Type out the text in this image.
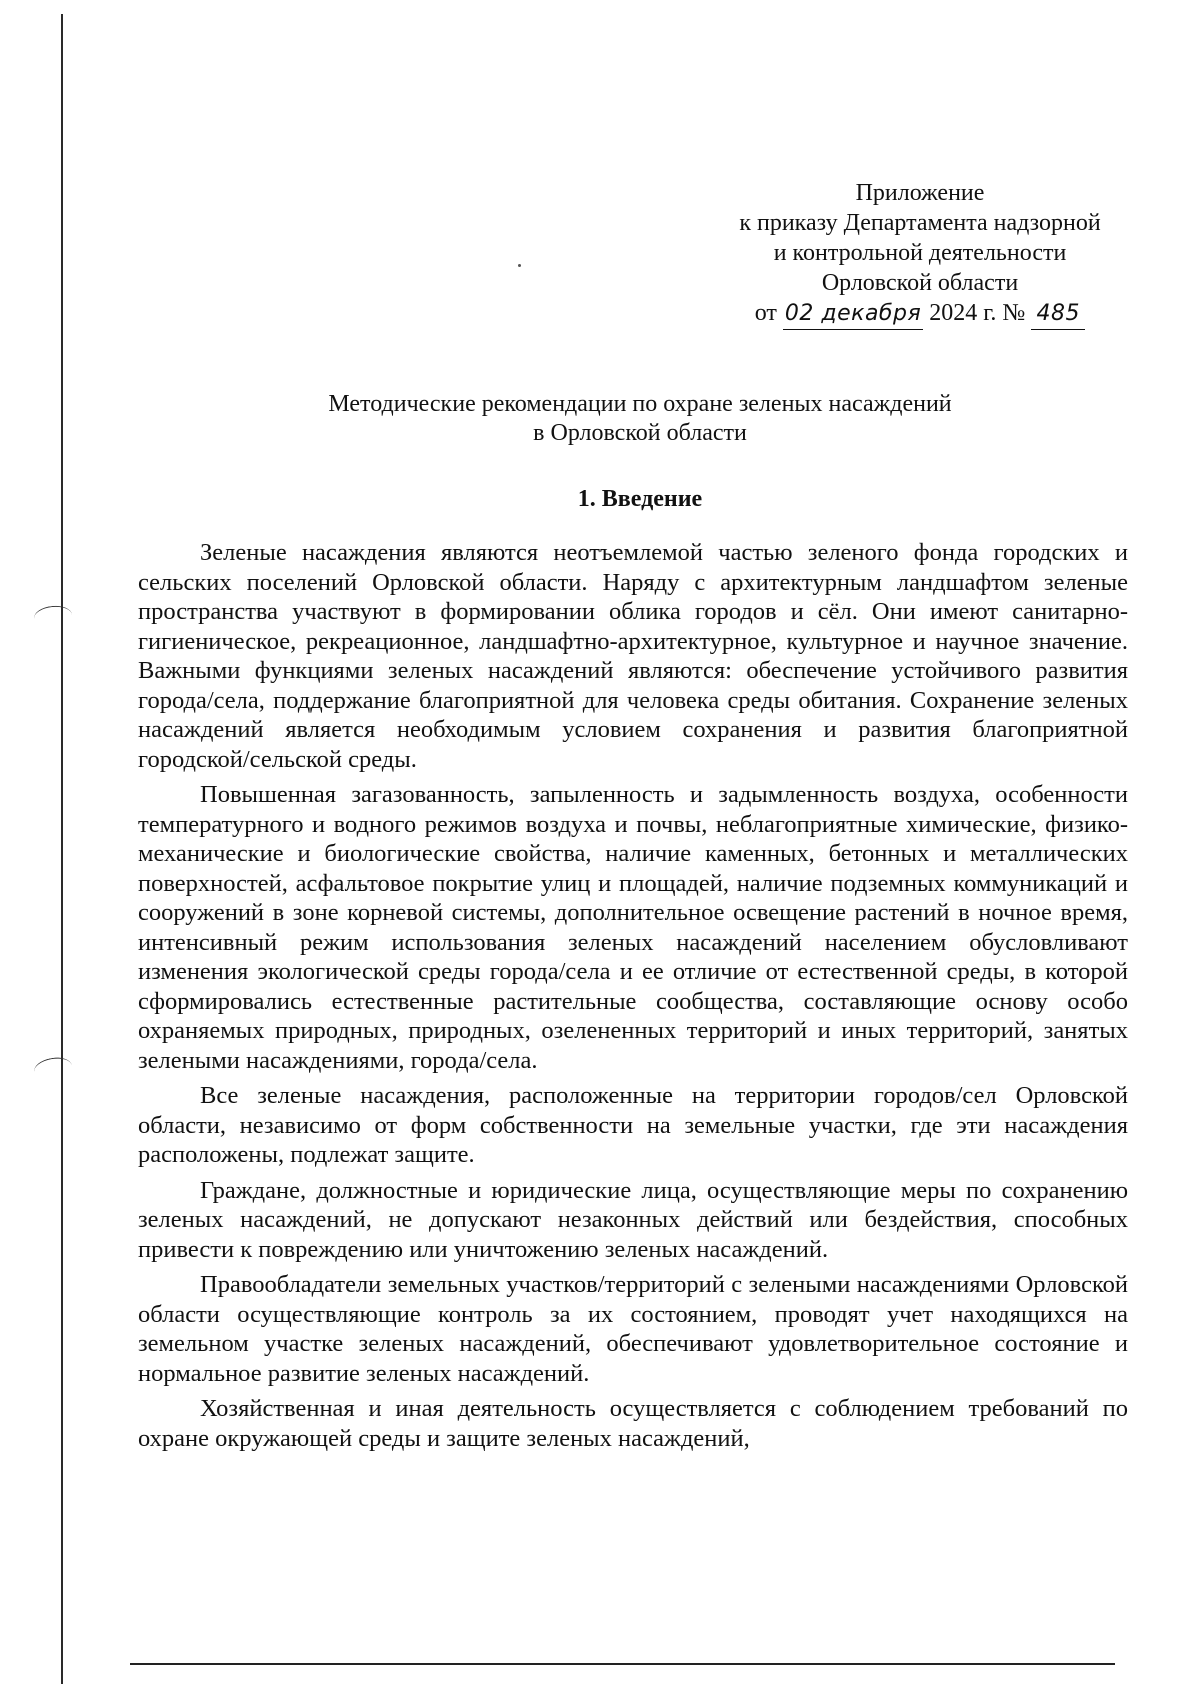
Приложение
к приказу Департамента надзорной
и контрольной деятельности
Орловской области
от 02 декабря 2024 г. № 485
Методические рекомендации по охране зеленых насаждений
в Орловской области
1. Введение

Зеленые насаждения являются неотъемлемой частью зеленого фонда городских и сельских поселений Орловской области. Наряду с архитектурным ландшафтом зеленые пространства участвуют в формировании облика городов и сёл. Они имеют санитарно-гигиеническое, рекреационное, ландшафтно-архитектурное, культурное и научное значение. Важными функциями зеленых насаждений являются: обеспечение устойчивого развития города/села, поддержание благоприятной для человека среды обитания. Сохранение зеленых насаждений является необходимым условием сохранения и развития благоприятной городской/сельской среды.

Повышенная загазованность, запыленность и задымленность воздуха, особенности температурного и водного режимов воздуха и почвы, неблагоприятные химические, физико-механические и биологические свойства, наличие каменных, бетонных и металлических поверхностей, асфальтовое покрытие улиц и площадей, наличие подземных коммуникаций и сооружений в зоне корневой системы, дополнительное освещение растений в ночное время, интенсивный режим использования зеленых насаждений населением обусловливают изменения экологической среды города/села и ее отличие от естественной среды, в которой сформировались естественные растительные сообщества, составляющие основу особо охраняемых природных, природных, озелененных территорий и иных территорий, занятых зелеными насаждениями, города/села.

Все зеленые насаждения, расположенные на территории городов/сел Орловской области, независимо от форм собственности на земельные участки, где эти насаждения расположены, подлежат защите.

Граждане, должностные и юридические лица, осуществляющие меры по сохранению зеленых насаждений, не допускают незаконных действий или бездействия, способных привести к повреждению или уничтожению зеленых насаждений.

Правообладатели земельных участков/территорий с зелеными насаждениями Орловской области осуществляющие контроль за их состоянием, проводят учет находящихся на земельном участке зеленых насаждений, обеспечивают удовлетворительное состояние и нормальное развитие зеленых насаждений.

Хозяйственная и иная деятельность осуществляется с соблюдением требований по охране окружающей среды и защите зеленых насаждений,
